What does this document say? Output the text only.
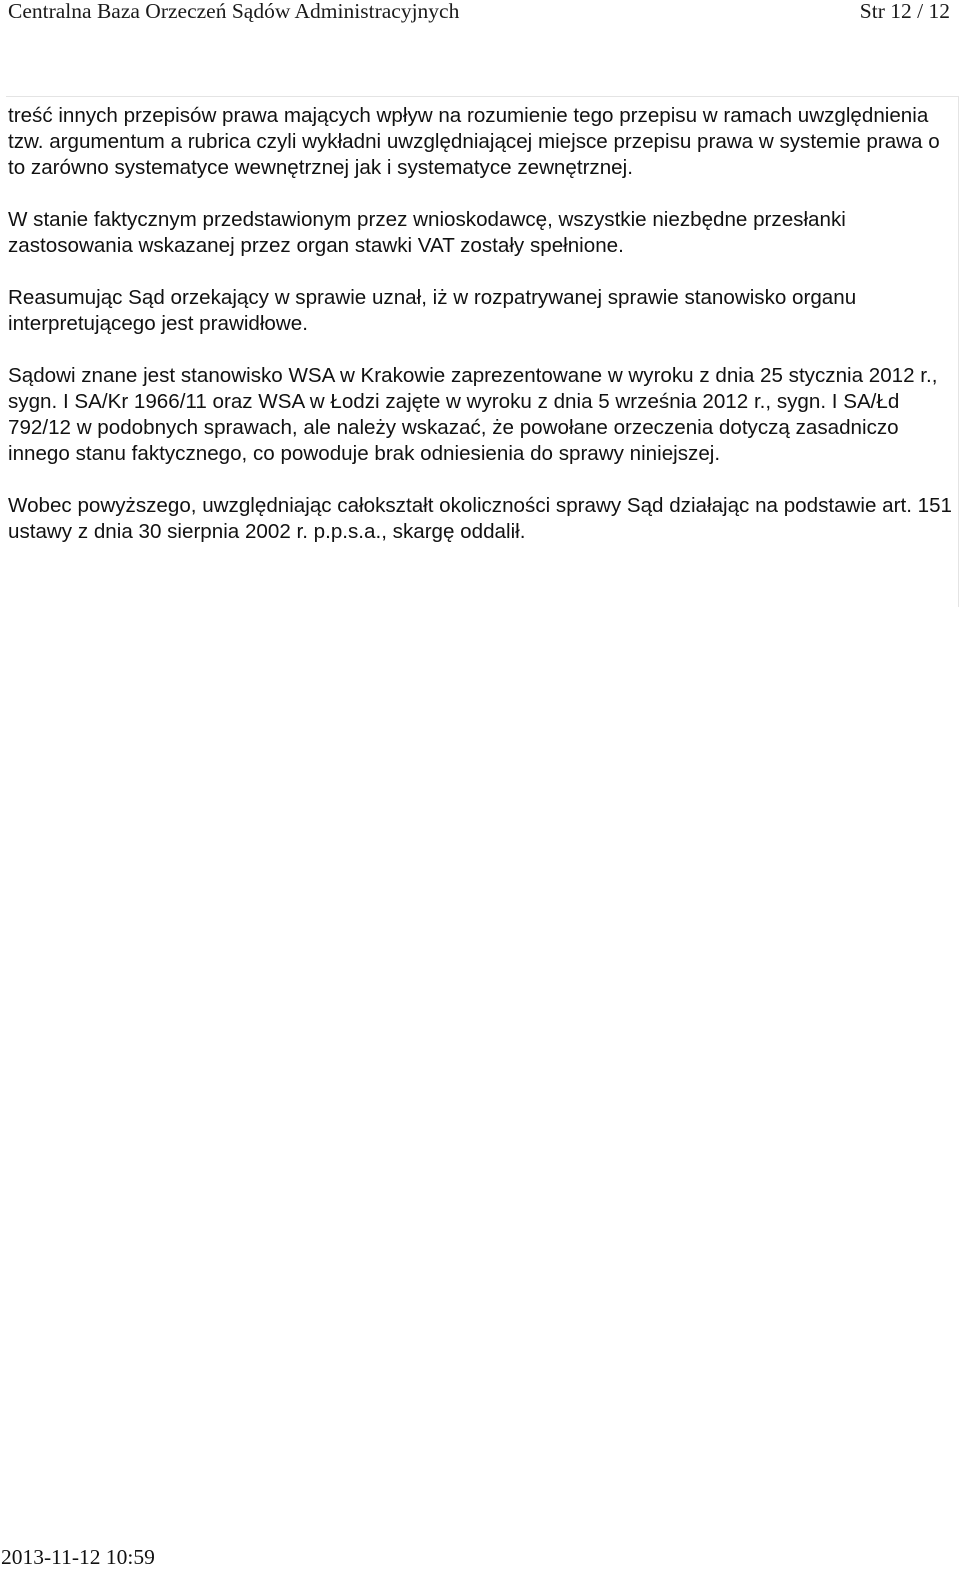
Centralna Baza Orzeczeń Sądów Administracyjnych	Str 12 / 12

treść innych przepisów prawa mających wpływ na rozumienie tego przepisu w ramach uwzględnienia tzw. argumentum a rubrica czyli wykładni uwzględniającej miejsce przepisu prawa w systemie prawa o to zarówno systematyce wewnętrznej jak i systematyce zewnętrznej.

W stanie faktycznym przedstawionym przez wnioskodawcę, wszystkie niezbędne przesłanki zastosowania wskazanej przez organ stawki VAT zostały spełnione.

Reasumując Sąd orzekający w sprawie uznał, iż w rozpatrywanej sprawie stanowisko organu interpretującego jest prawidłowe.

Sądowi znane jest stanowisko WSA w Krakowie zaprezentowane w wyroku z dnia 25 stycznia 2012 r., sygn. I SA/Kr 1966/11 oraz WSA w Łodzi zajęte w wyroku z dnia 5 września 2012 r., sygn. I SA/Łd 792/12 w podobnych sprawach, ale należy wskazać, że powołane orzeczenia dotyczą zasadniczo innego stanu faktycznego, co powoduje brak odniesienia do sprawy niniejszej.

Wobec powyższego, uwzględniając całokształt okoliczności sprawy Sąd działając na podstawie art. 151 ustawy z dnia 30 sierpnia 2002 r. p.p.s.a., skargę oddalił.

2013-11-12 10:59
